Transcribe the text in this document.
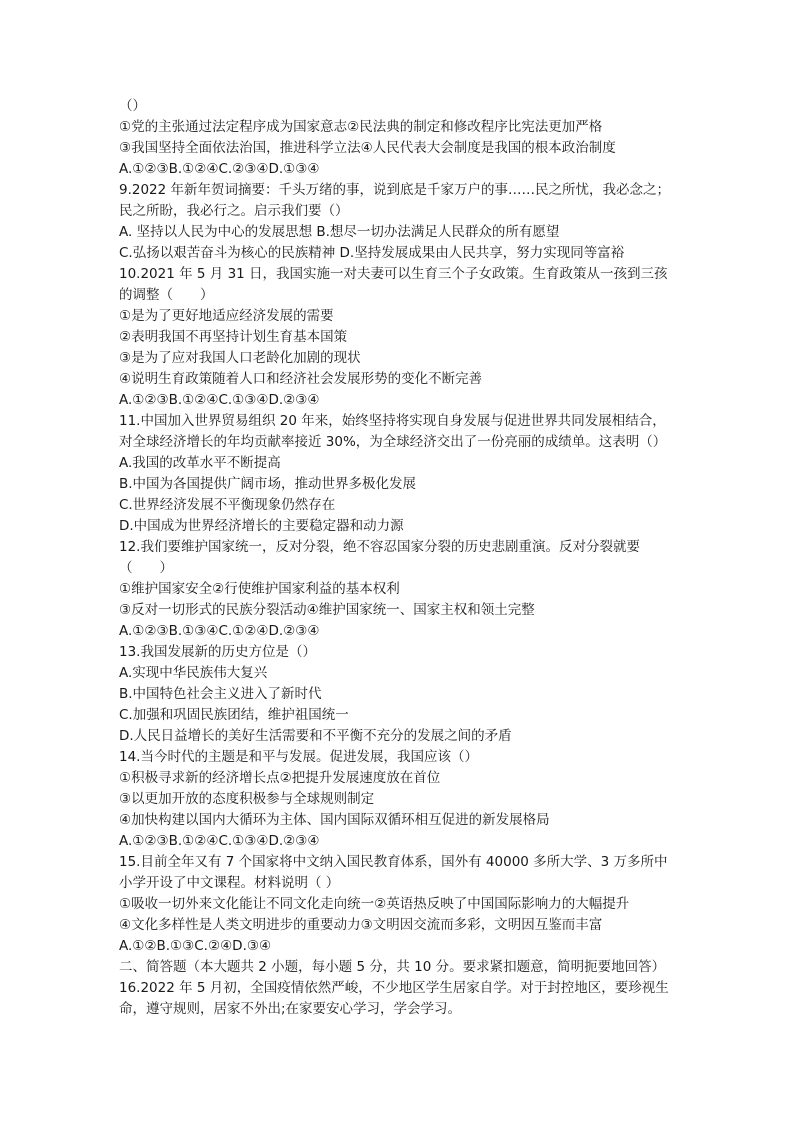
（）
①党的主张通过法定程序成为国家意志②民法典的制定和修改程序比宪法更加严格
③我国坚持全面依法治国，推进科学立法④人民代表大会制度是我国的根本政治制度
A.①②③B.①②④C.②③④D.①③④
9.2022 年新年贺词摘要：千头万绪的事，说到底是千家万户的事……民之所忧，我必念之；
民之所盼，我必行之。启示我们要（）
A. 坚持以人民为中心的发展思想 B.想尽一切办法满足人民群众的所有愿望
C.弘扬以艰苦奋斗为核心的民族精神 D.坚持发展成果由人民共享，努力实现同等富裕
10.2021 年 5 月 31 日，我国实施一对夫妻可以生育三个子女政策。生育政策从一孩到三孩
的调整（　　）
①是为了更好地适应经济发展的需要
②表明我国不再坚持计划生育基本国策
③是为了应对我国人口老龄化加剧的现状
④说明生育政策随着人口和经济社会发展形势的变化不断完善
A.①②③B.①②④C.①③④D.②③④
11.中国加入世界贸易组织 20 年来，始终坚持将实现自身发展与促进世界共同发展相结合，
对全球经济增长的年均贡献率接近 30%，为全球经济交出了一份亮丽的成绩单。这表明（）
A.我国的改革水平不断提高
B.中国为各国提供广阔市场，推动世界多极化发展
C.世界经济发展不平衡现象仍然存在
D.中国成为世界经济增长的主要稳定器和动力源
12.我们要维护国家统一，反对分裂，绝不容忍国家分裂的历史悲剧重演。反对分裂就要
（　　）
①维护国家安全②行使维护国家利益的基本权利
③反对一切形式的民族分裂活动④维护国家统一、国家主权和领土完整
A.①②③B.①③④C.①②④D.②③④
13.我国发展新的历史方位是（）
A.实现中华民族伟大复兴
B.中国特色社会主义进入了新时代
C.加强和巩固民族团结，维护祖国统一
D.人民日益增长的美好生活需要和不平衡不充分的发展之间的矛盾
14.当今时代的主题是和平与发展。促进发展，我国应该（）
①积极寻求新的经济增长点②把提升发展速度放在首位
③以更加开放的态度积极参与全球规则制定
④加快构建以国内大循环为主体、国内国际双循环相互促进的新发展格局
A.①②③B.①②④C.①③④D.②③④
15.目前全年又有 7 个国家将中文纳入国民教育体系，国外有 40000 多所大学、3 万多所中
小学开设了中文课程。材料说明（ ）
①吸收一切外来文化能让不同文化走向统一②英语热反映了中国国际影响力的大幅提升
④文化多样性是人类文明进步的重要动力③文明因交流而多彩，文明因互鉴而丰富
A.①②B.①③C.②④D.③④
二、简答题（本大题共 2 小题，每小题 5 分，共 10 分。要求紧扣题意，简明扼要地回答）
16.2022 年 5 月初，全国疫情依然严峻，不少地区学生居家自学。对于封控地区，要珍视生
命，遵守规则，居家不外出;在家要安心学习，学会学习。
